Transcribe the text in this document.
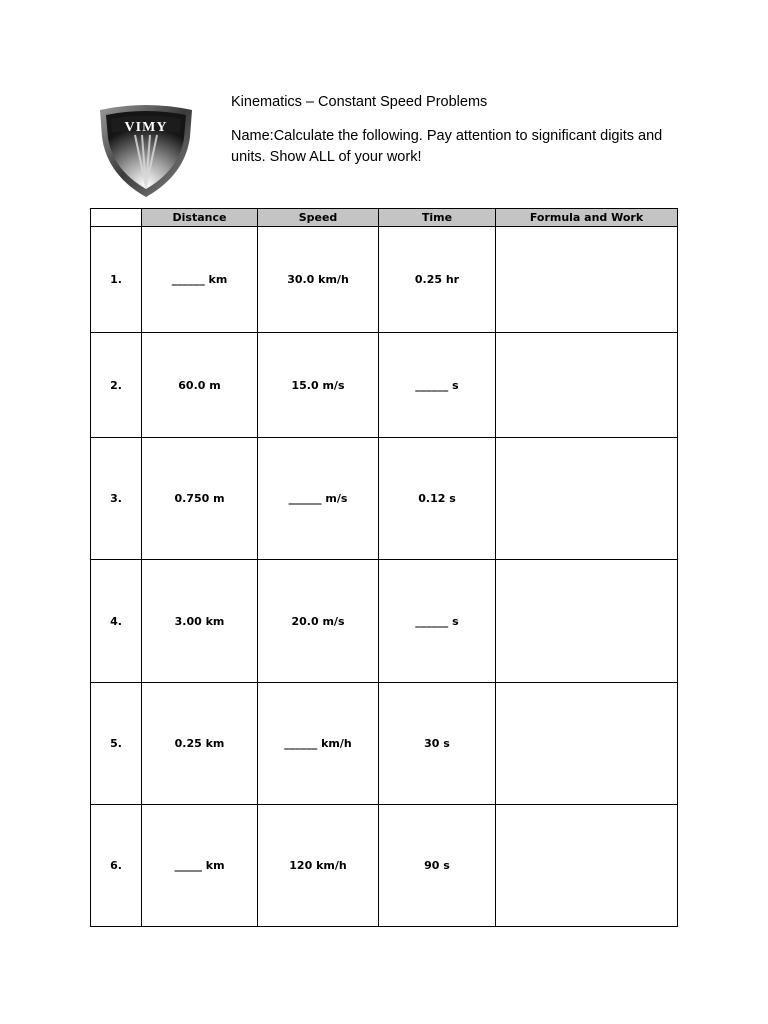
VIMY
Kinematics – Constant Speed Problems
Name:Calculate the following. Pay attention to significant digits and units. Show ALL of your work!
	Distance	Speed	Time	Formula and Work
1.	______ km	30.0 km/h	0.25 hr	
2.	60.0 m	15.0 m/s	______ s	
3.	0.750 m	______ m/s	0.12 s	
4.	3.00 km	20.0 m/s	______ s	
5.	0.25 km	______ km/h	30 s	
6.	_____ km	120 km/h	90 s	
